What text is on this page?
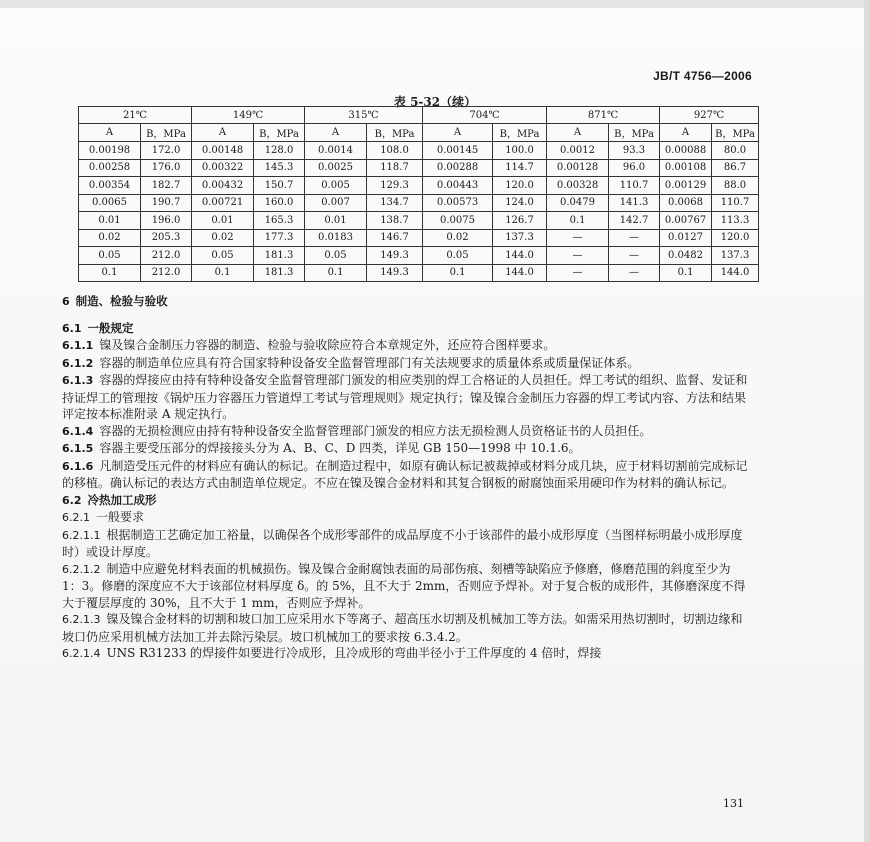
JB/T 4756—2006
表 5-32（续）
21℃		149℃		315℃		704℃		871℃		927℃	
A	B，MPa	A	B，MPa	A	B，MPa	A	B，MPa	A	B，MPa	A	B，MPa
0.00198	172.0	0.00148	128.0	0.0014	108.0	0.00145	100.0	0.0012	93.3	0.00088	80.0
0.00258	176.0	0.00322	145.3	0.0025	118.7	0.00288	114.7	0.00128	96.0	0.00108	86.7
0.00354	182.7	0.00432	150.7	0.005	129.3	0.00443	120.0	0.00328	110.7	0.00129	88.0
0.0065	190.7	0.00721	160.0	0.007	134.7	0.00573	124.0	0.0479	141.3	0.0068	110.7
0.01	196.0	0.01	165.3	0.01	138.7	0.0075	126.7	0.1	142.7	0.00767	113.3
0.02	205.3	0.02	177.3	0.0183	146.7	0.02	137.3	—	—	0.0127	120.0
0.05	212.0	0.05	181.3	0.05	149.3	0.05	144.0	—	—	0.0482	137.3
0.1	212.0	0.1	181.3	0.1	149.3	0.1	144.0	—	—	0.1	144.0
6 制造、检验与验收
6.1 一般规定
6.1.1 镍及镍合金制压力容器的制造、检验与验收除应符合本章规定外，还应符合图样要求。
6.1.2 容器的制造单位应具有符合国家特种设备安全监督管理部门有关法规要求的质量体系或质量保证体系。
6.1.3 容器的焊接应由持有特种设备安全监督管理部门颁发的相应类别的焊工合格证的人员担任。焊工考试的组织、监督、发证和持证焊工的管理按《锅炉压力容器压力管道焊工考试与管理规则》规定执行；镍及镍合金制压力容器的焊工考试内容、方法和结果评定按本标准附录 A 规定执行。
6.1.4 容器的无损检测应由持有特种设备安全监督管理部门颁发的相应方法无损检测人员资格证书的人员担任。
6.1.5 容器主要受压部分的焊接接头分为 A、B、C、D 四类，详见 GB 150—1998 中 10.1.6。
6.1.6 凡制造受压元件的材料应有确认的标记。在制造过程中，如原有确认标记被裁掉或材料分成几块，应于材料切割前完成标记的移植。确认标记的表达方式由制造单位规定。不应在镍及镍合金材料和其复合钢板的耐腐蚀面采用硬印作为材料的确认标记。
6.2 冷热加工成形
6.2.1 一般要求
6.2.1.1 根据制造工艺确定加工裕量，以确保各个成形零部件的成品厚度不小于该部件的最小成形厚度（当图样标明最小成形厚度时）或设计厚度。
6.2.1.2 制造中应避免材料表面的机械损伤。镍及镍合金耐腐蚀表面的局部伤痕、刻槽等缺陷应予修磨，修磨范围的斜度至少为 1：3。修磨的深度应不大于该部位材料厚度 δ。的 5%，且不大于 2mm，否则应予焊补。对于复合板的成形件，其修磨深度不得大于覆层厚度的 30%，且不大于 1 mm，否则应予焊补。
6.2.1.3 镍及镍合金材料的切割和坡口加工应采用水下等离子、超高压水切割及机械加工等方法。如需采用热切割时，切割边缘和坡口仍应采用机械方法加工并去除污染层。坡口机械加工的要求按 6.3.4.2。
6.2.1.4 UNS R31233 的焊接件如要进行冷成形，且冷成形的弯曲半径小于工件厚度的 4 倍时，焊接
131
